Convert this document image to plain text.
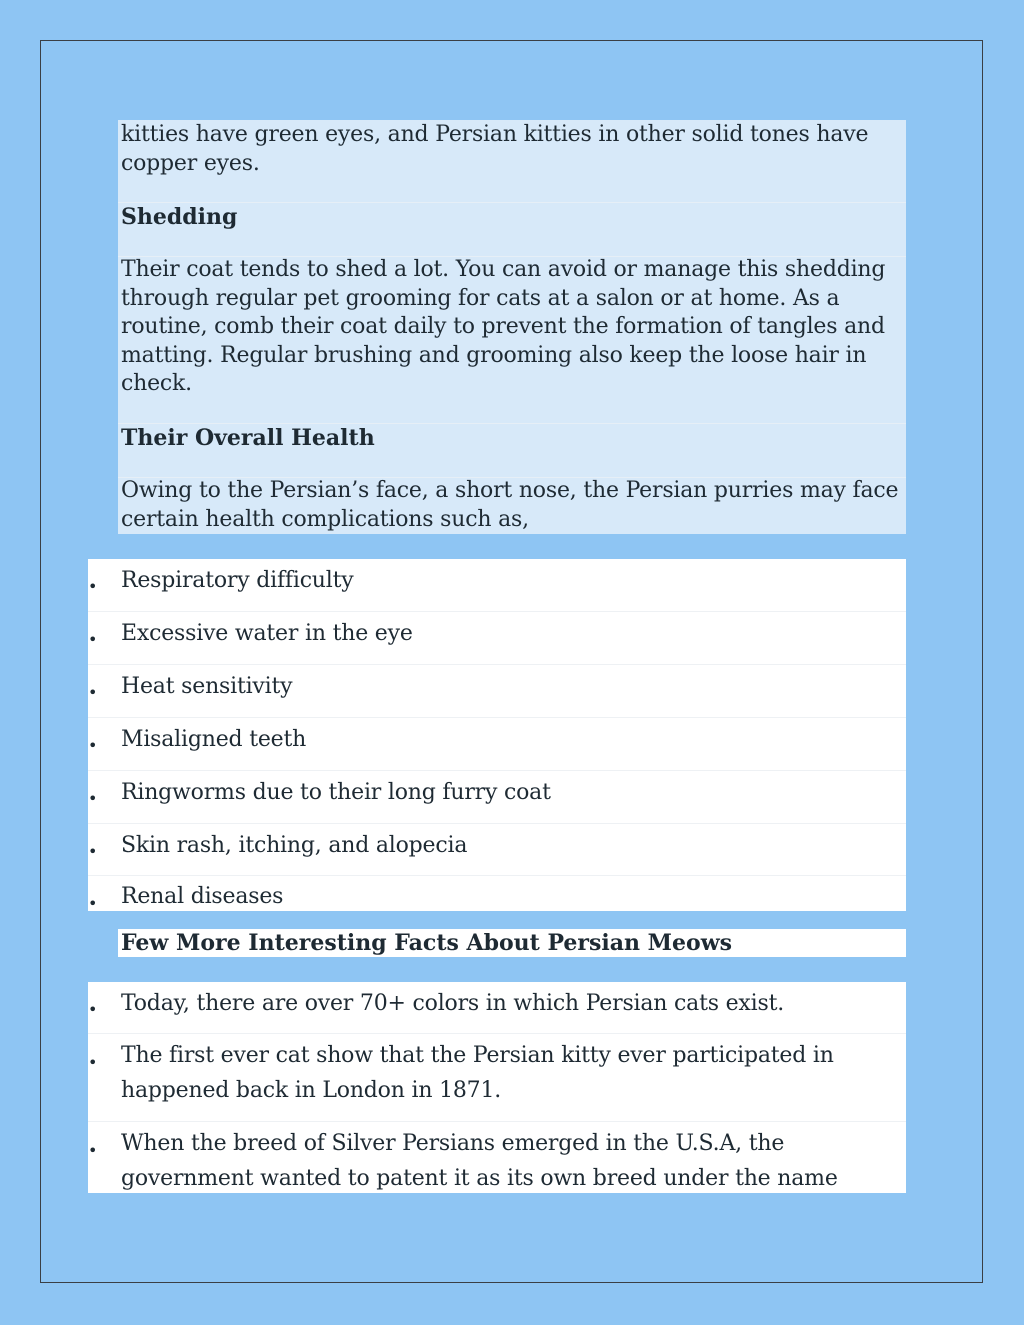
kitties have green eyes, and Persian kitties in other solid tones have
copper eyes.
Shedding
Their coat tends to shed a lot. You can avoid or manage this shedding
through regular pet grooming for cats at a salon or at home. As a
routine, comb their coat daily to prevent the formation of tangles and
matting. Regular brushing and grooming also keep the loose hair in
check.
Their Overall Health
Owing to the Persian’s face, a short nose, the Persian purries may face
certain health complications such as,
• Respiratory difficulty
• Excessive water in the eye
• Heat sensitivity
• Misaligned teeth
• Ringworms due to their long furry coat
• Skin rash, itching, and alopecia
• Renal diseases
Few More Interesting Facts About Persian Meows
• Today, there are over 70+ colors in which Persian cats exist.
• The first ever cat show that the Persian kitty ever participated in
happened back in London in 1871.
• When the breed of Silver Persians emerged in the U.S.A, the
government wanted to patent it as its own breed under the name
